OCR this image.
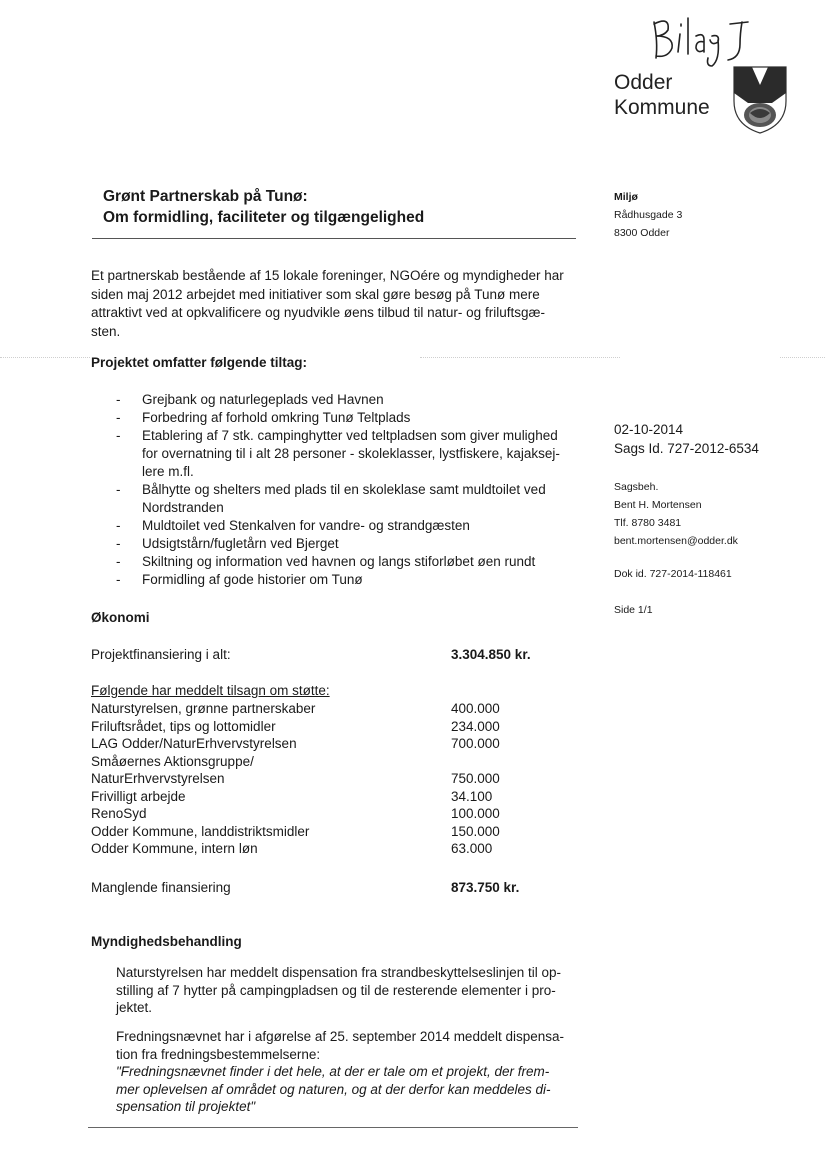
Odder
Kommune
Miljø
Rådhusgade 3
8300 Odder
02-10-2014
Sags Id. 727-2012-6534
Sagsbeh.
Bent H. Mortensen
Tlf. 8780 3481
bent.mortensen@odder.dk
Dok id. 727-2014-118461
Side 1/1
Grønt Partnerskab på Tunø:
Om formidling, faciliteter og tilgængelighed
Et partnerskab bestående af 15 lokale foreninger, NGOére og myndigheder har
siden maj 2012 arbejdet med initiativer som skal gøre besøg på Tunø mere
attraktivt ved at opkvalificere og nyudvikle øens tilbud til natur- og friluftsgæ-
sten.
Projektet omfatter følgende tiltag:
- Grejbank og naturlegeplads ved Havnen
- Forbedring af forhold omkring Tunø Teltplads
- Etablering af 7 stk. campinghytter ved teltpladsen som giver mulighed
for overnatning til i alt 28 personer - skoleklasser, lystfiskere, kajaksej-
lere m.fl.
- Bålhytte og shelters med plads til en skoleklase samt muldtoilet ved
Nordstranden
- Muldtoilet ved Stenkalven for vandre- og strandgæsten
- Udsigtstårn/fugletårn ved Bjerget
- Skiltning og information ved havnen og langs stiforløbet øen rundt
- Formidling af gode historier om Tunø
Økonomi
Projektfinansiering i alt:	3.304.850 kr.
Følgende har meddelt tilsagn om støtte:
Naturstyrelsen, grønne partnerskaber	400.000
Friluftsrådet, tips og lottomidler	234.000
LAG Odder/NaturErhvervstyrelsen	700.000
Småøernes Aktionsgruppe/
NaturErhvervstyrelsen	750.000
Frivilligt arbejde	34.100
RenoSyd	100.000
Odder Kommune, landdistriktsmidler	150.000
Odder Kommune, intern løn	63.000
Manglende finansiering	873.750 kr.
Myndighedsbehandling
Naturstyrelsen har meddelt dispensation fra strandbeskyttelseslinjen til op-
stilling af 7 hytter på campingpladsen og til de resterende elementer i pro-
jektet.
Fredningsnævnet har i afgørelse af 25. september 2014 meddelt dispensa-
tion fra fredningsbestemmelserne:
"Fredningsnævnet finder i det hele, at der er tale om et projekt, der frem-
mer oplevelsen af området og naturen, og at der derfor kan meddeles di-
spensation til projektet"
